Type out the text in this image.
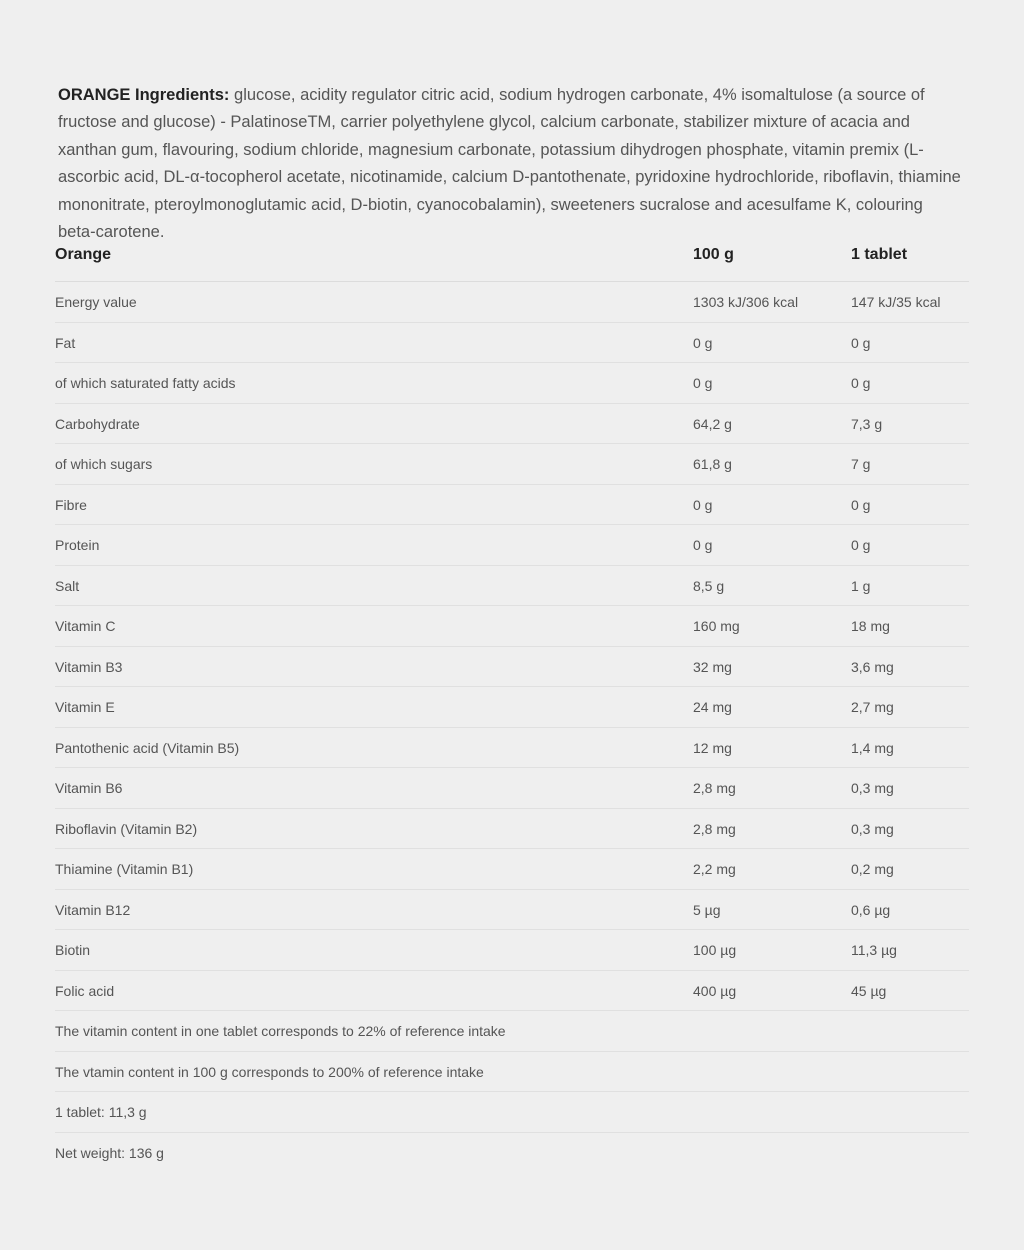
ORANGE Ingredients: glucose, acidity regulator citric acid, sodium hydrogen carbonate, 4% isomaltulose (a source of fructose and glucose) - PalatinoseTM, carrier polyethylene glycol, calcium carbonate, stabilizer mixture of acacia and xanthan gum, flavouring, sodium chloride, magnesium carbonate, potassium dihydrogen phosphate, vitamin premix (L-ascorbic acid, DL-α-tocopherol acetate, nicotinamide, calcium D-pantothenate, pyridoxine hydrochloride, riboflavin, thiamine mononitrate, pteroylmonoglutamic acid, D-biotin, cyanocobalamin), sweeteners sucralose and acesulfame K, colouring beta-carotene.

Orange	100 g	1 tablet
Energy value	1303 kJ/306 kcal	147 kJ/35 kcal
Fat	0 g	0 g
of which saturated fatty acids	0 g	0 g
Carbohydrate	64,2 g	7,3 g
of which sugars	61,8 g	7 g
Fibre	0 g	0 g
Protein	0 g	0 g
Salt	8,5 g	1 g
Vitamin C	160 mg	18 mg
Vitamin B3	32 mg	3,6 mg
Vitamin E	24 mg	2,7 mg
Pantothenic acid (Vitamin B5)	12 mg	1,4 mg
Vitamin B6	2,8 mg	0,3 mg
Riboflavin (Vitamin B2)	2,8 mg	0,3 mg
Thiamine (Vitamin B1)	2,2 mg	0,2 mg
Vitamin B12	5 µg	0,6 µg
Biotin	100 µg	11,3 µg
Folic acid	400 µg	45 µg
The vitamin content in one tablet corresponds to 22% of reference intake		
The vtamin content in 100 g corresponds to 200% of reference intake		
1 tablet: 11,3 g		
Net weight: 136 g		
